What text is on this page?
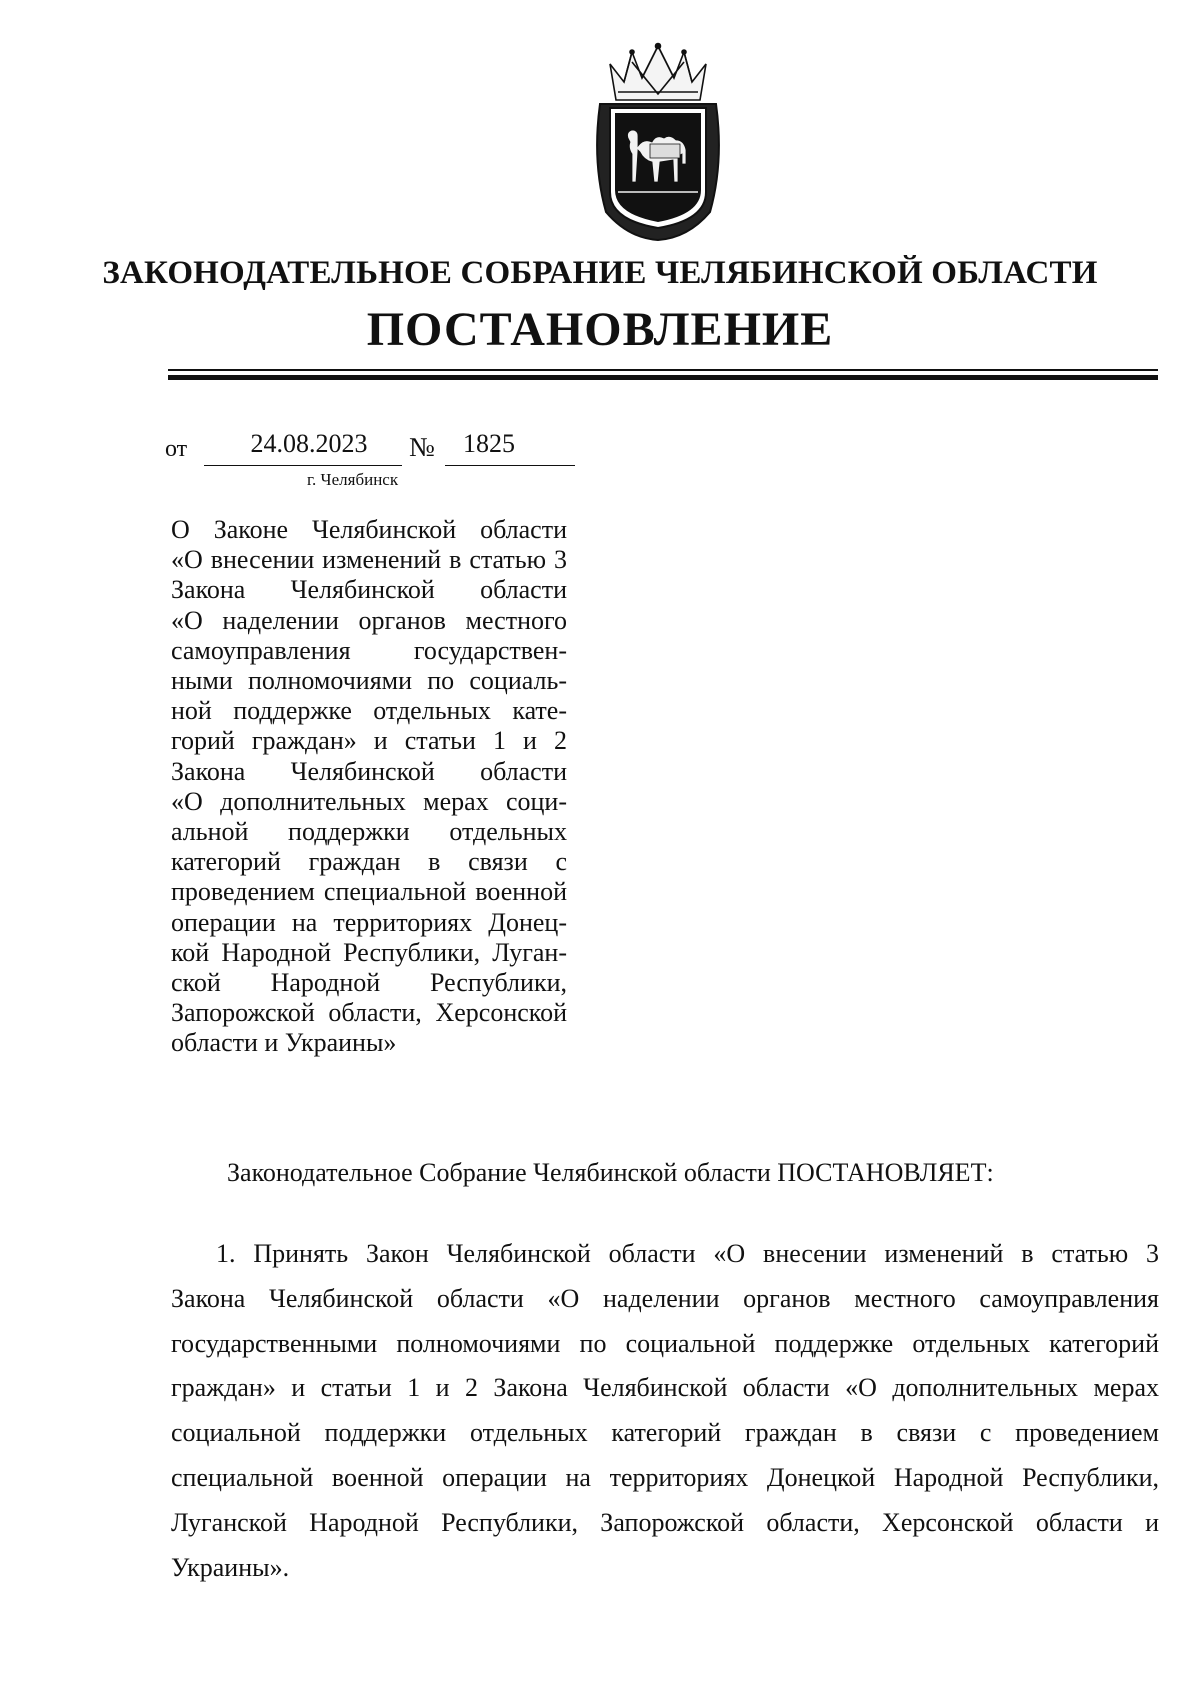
ЗАКОНОДАТЕЛЬНОЕ СОБРАНИЕ ЧЕЛЯБИНСКОЙ ОБЛАСТИ
ПОСТАНОВЛЕНИЕ
от	24.08.2023	№	1825
г. Челябинск
О Законе Челябинской области
«О внесении изменений в статью 3
Закона Челябинской области
«О наделении органов местного
самоуправления государствен-
ными полномочиями по социаль-
ной поддержке отдельных кате-
горий граждан» и статьи 1 и 2
Закона Челябинской области
«О дополнительных мерах соци-
альной поддержки отдельных
категорий граждан в связи с
проведением специальной военной
операции на территориях Донец-
кой Народной Республики, Луган-
ской Народной Республики,
Запорожской области, Херсонской
области и Украины»
Законодательное Собрание Челябинской области ПОСТАНОВЛЯЕТ:
1. Принять Закон Челябинской области «О внесении изменений в статью 3
Закона Челябинской области «О наделении органов местного самоуправления
государственными полномочиями по социальной поддержке отдельных категорий
граждан» и статьи 1 и 2 Закона Челябинской области «О дополнительных мерах
социальной поддержки отдельных категорий граждан в связи с проведением
специальной военной операции на территориях Донецкой Народной Республики,
Луганской Народной Республики, Запорожской области, Херсонской области и
Украины».
